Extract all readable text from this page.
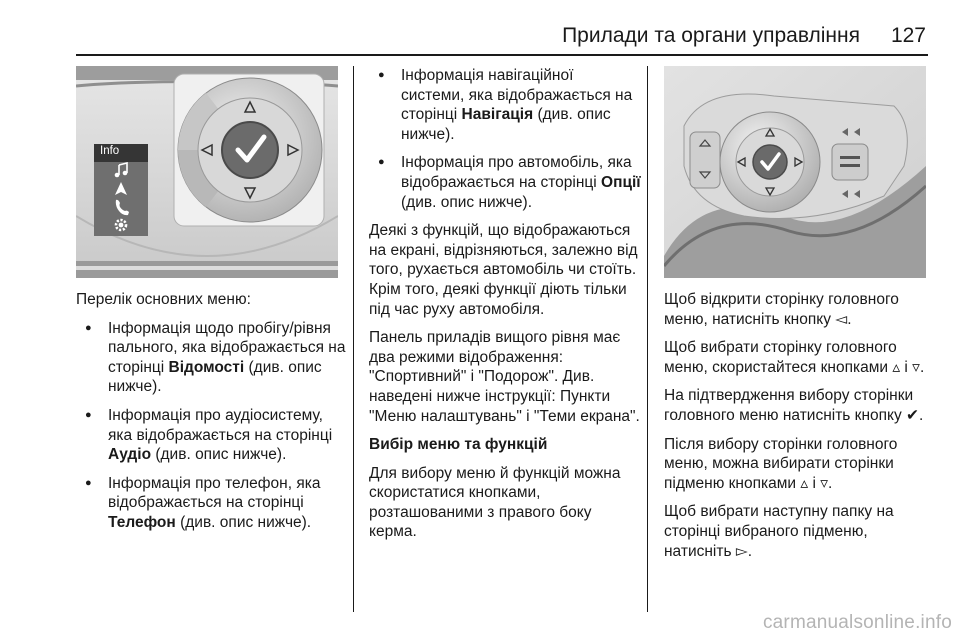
Прилади та органи управління	127
Info

Перелік основних меню:

● Інформація щодо пробігу/рівня пального, яка відображається на сторінці Відомості (див. опис нижче).
● Інформація про аудіосистему, яка відображається на сторінці Аудіо (див. опис нижче).
● Інформація про телефон, яка відображається на сторінці Телефон (див. опис нижче).
● Інформація навігаційної системи, яка відображається на сторінці Навігація (див. опис нижче).
● Інформація про автомобіль, яка відображається на сторінці Опції (див. опис нижче).

Деякі з функцій, що відображаються на екрані, відрізняються, залежно від того, рухається автомобіль чи стоїть. Крім того, деякі функції діють тільки під час руху автомобіля.

Панель приладів вищого рівня має два режими відображення: "Спортивний" і "Подорож". Див. наведені нижче інструкції: Пункти "Меню налаштувань" і "Теми екрана".

Вибір меню та функцій

Для вибору меню й функцій можна скористатися кнопками, розташованими з правого боку керма.

Щоб відкрити сторінку головного меню, натисніть кнопку ◅.

Щоб вибрати сторінку головного меню, скористайтеся кнопками ▵ і ▿.

На підтвердження вибору сторінки головного меню натисніть кнопку ✔.

Після вибору сторінки головного меню, можна вибирати сторінки підменю кнопками ▵ і ▿.

Щоб вибрати наступну папку на сторінці вибраного підменю, натисніть ▻.

carmanualsonline.info
